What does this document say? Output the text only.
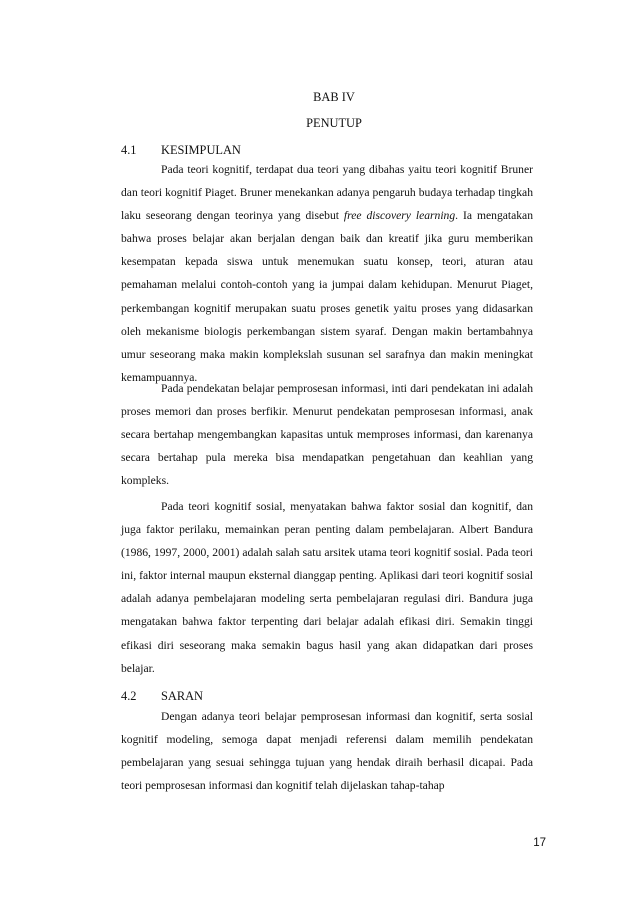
BAB IV
PENUTUP
4.1 KESIMPULAN

Pada teori kognitif, terdapat dua teori yang dibahas yaitu teori kognitif Bruner dan teori kognitif Piaget. Bruner menekankan adanya pengaruh budaya terhadap tingkah laku seseorang dengan teorinya yang disebut free discovery learning. Ia mengatakan bahwa proses belajar akan berjalan dengan baik dan kreatif jika guru memberikan kesempatan kepada siswa untuk menemukan suatu konsep, teori, aturan atau pemahaman melalui contoh-contoh yang ia jumpai dalam kehidupan. Menurut Piaget, perkembangan kognitif merupakan suatu proses genetik yaitu proses yang didasarkan oleh mekanisme biologis perkembangan sistem syaraf. Dengan makin bertambahnya umur seseorang maka makin komplekslah susunan sel sarafnya dan makin meningkat kemampuannya.

Pada pendekatan belajar pemprosesan informasi, inti dari pendekatan ini adalah proses memori dan proses berfikir. Menurut pendekatan pemprosesan informasi, anak secara bertahap mengembangkan kapasitas untuk memproses informasi, dan karenanya secara bertahap pula mereka bisa mendapatkan pengetahuan dan keahlian yang kompleks.

Pada teori kognitif sosial, menyatakan bahwa faktor sosial dan kognitif, dan juga faktor perilaku, memainkan peran penting dalam pembelajaran. Albert Bandura (1986, 1997, 2000, 2001) adalah salah satu arsitek utama teori kognitif sosial. Pada teori ini, faktor internal maupun eksternal dianggap penting. Aplikasi dari teori kognitif sosial adalah adanya pembelajaran modeling serta pembelajaran regulasi diri. Bandura juga mengatakan bahwa faktor terpenting dari belajar adalah efikasi diri. Semakin tinggi efikasi diri seseorang maka semakin bagus hasil yang akan didapatkan dari proses belajar.

4.2 SARAN

Dengan adanya teori belajar pemprosesan informasi dan kognitif, serta sosial kognitif modeling, semoga dapat menjadi referensi dalam memilih pendekatan pembelajaran yang sesuai sehingga tujuan yang hendak diraih berhasil dicapai. Pada teori pemprosesan informasi dan kognitif telah dijelaskan tahap-tahap

17
